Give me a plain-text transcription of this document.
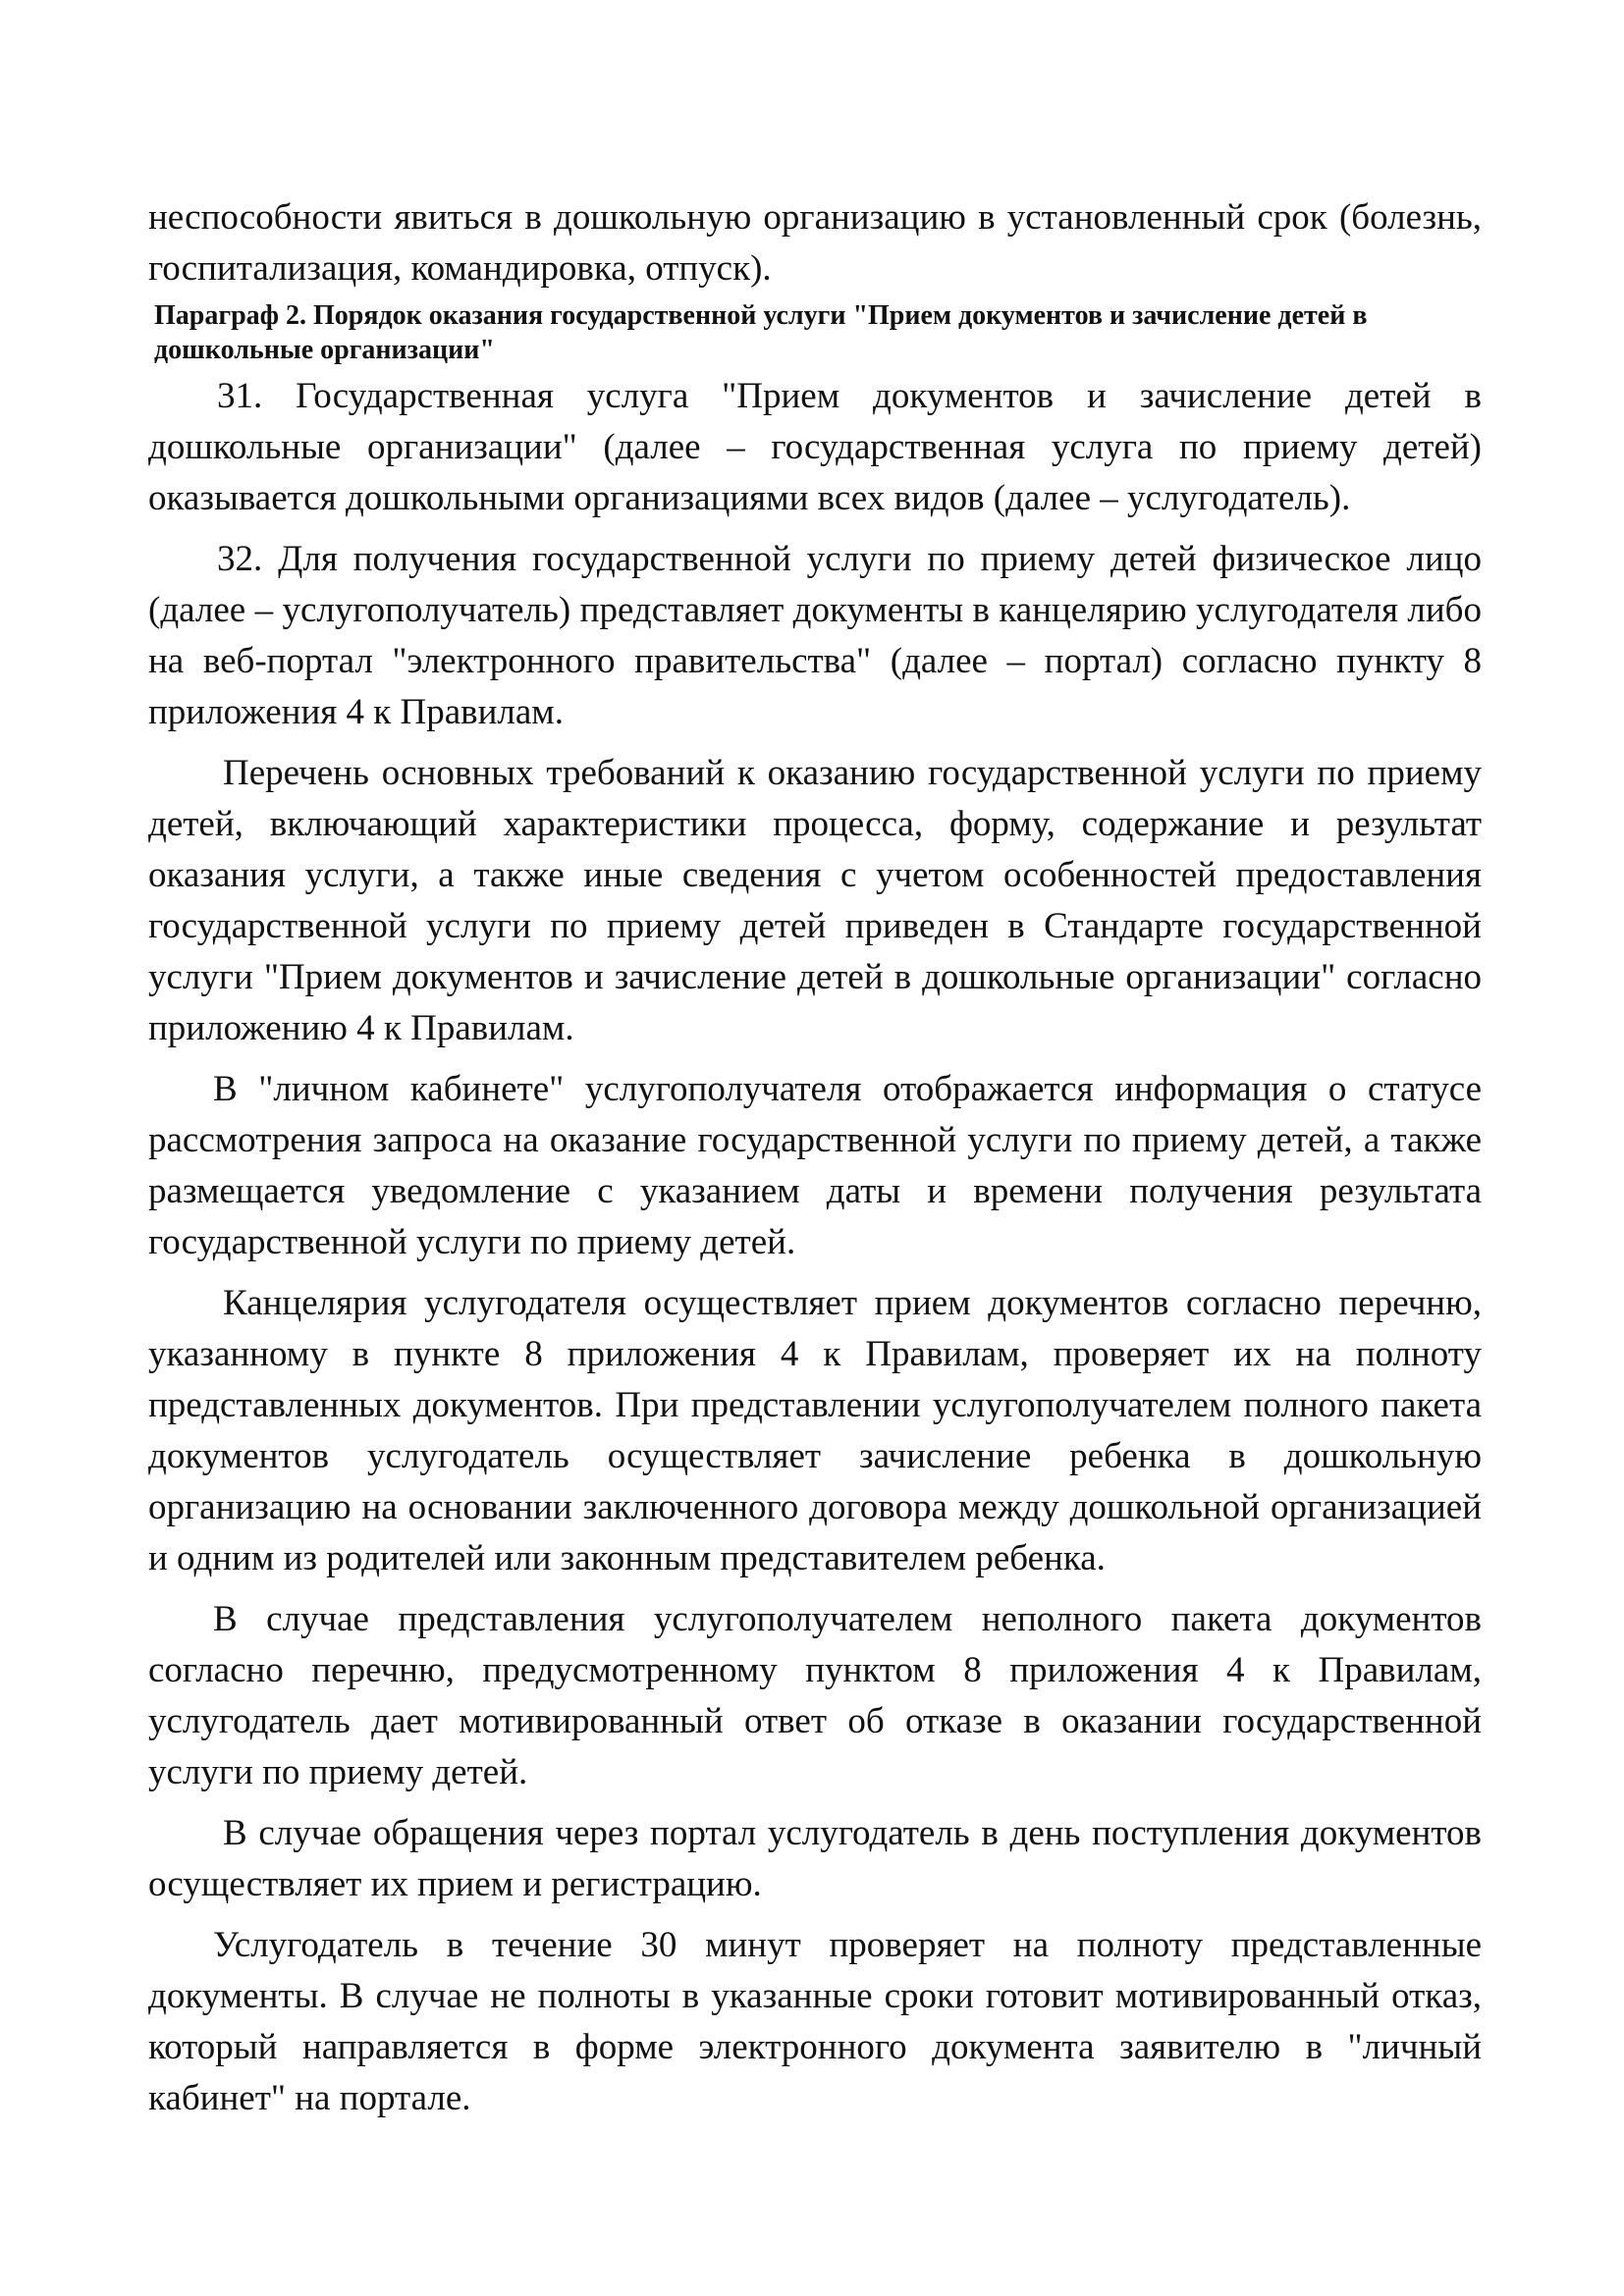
неспособности явиться в дошкольную организацию в установленный срок (болезнь, госпитализация, командировка, отпуск).

Параграф 2. Порядок оказания государственной услуги "Прием документов и зачисление детей в дошкольные организации"

31. Государственная услуга "Прием документов и зачисление детей в дошкольные организации" (далее – государственная услуга по приему детей) оказывается дошкольными организациями всех видов (далее – услугодатель).

32. Для получения государственной услуги по приему детей физическое лицо (далее – услугополучатель) представляет документы в канцелярию услугодателя либо на веб-портал "электронного правительства" (далее – портал) согласно пункту 8 приложения 4 к Правилам.

Перечень основных требований к оказанию государственной услуги по приему детей, включающий характеристики процесса, форму, содержание и результат оказания услуги, а также иные сведения с учетом особенностей предоставления государственной услуги по приему детей приведен в Стандарте государственной услуги "Прием документов и зачисление детей в дошкольные организации" согласно приложению 4 к Правилам.

В "личном кабинете" услугополучателя отображается информация о статусе рассмотрения запроса на оказание государственной услуги по приему детей, а также размещается уведомление с указанием даты и времени получения результата государственной услуги по приему детей.

Канцелярия услугодателя осуществляет прием документов согласно перечню, указанному в пункте 8 приложения 4 к Правилам, проверяет их на полноту представленных документов. При представлении услугополучателем полного пакета документов услугодатель осуществляет зачисление ребенка в дошкольную организацию на основании заключенного договора между дошкольной организацией и одним из родителей или законным представителем ребенка.

В случае представления услугополучателем неполного пакета документов согласно перечню, предусмотренному пунктом 8 приложения 4 к Правилам, услугодатель дает мотивированный ответ об отказе в оказании государственной услуги по приему детей.

В случае обращения через портал услугодатель в день поступления документов осуществляет их прием и регистрацию.

Услугодатель в течение 30 минут проверяет на полноту представленные документы. В случае не полноты в указанные сроки готовит мотивированный отказ, который направляется в форме электронного документа заявителю в "личный кабинет" на портале.
